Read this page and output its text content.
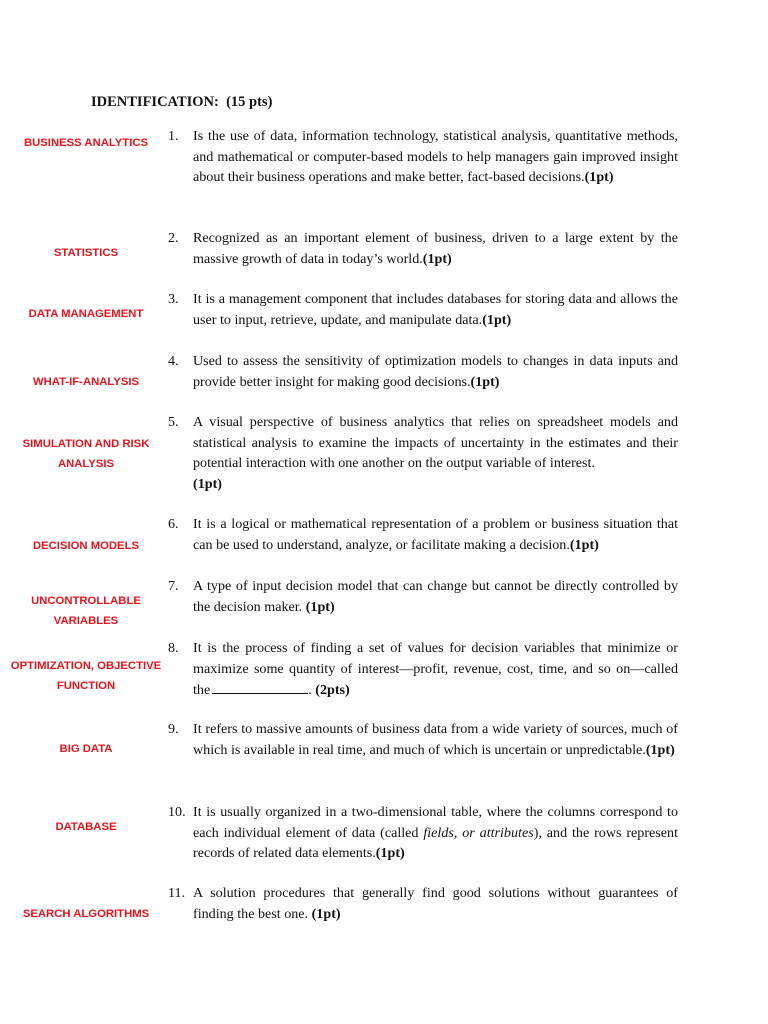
IDENTIFICATION:  (15 pts)
BUSINESS ANALYTICS	1. Is the use of data, information technology, statistical analysis, quantitative methods, and mathematical or computer-based models to help managers gain improved insight about their business operations and make better, fact-based decisions.(1pt)
STATISTICS
2. Recognized as an important element of business, driven to a large extent by the massive growth of data in today’s world.(1pt)
DATA MANAGEMENT
3. It is a management component that includes databases for storing data and allows the user to input, retrieve, update, and manipulate data.(1pt)
WHAT-IF-ANALYSIS
4. Used to assess the sensitivity of optimization models to changes in data inputs and provide better insight for making good decisions.(1pt)
SIMULATION AND RISK ANALYSIS
5. A visual perspective of business analytics that relies on spreadsheet models and statistical analysis to examine the impacts of uncertainty in the estimates and their potential interaction with one another on the output variable of interest.
(1pt)
DECISION MODELS
6. It is a logical or mathematical representation of a problem or business situation that can be used to understand, analyze, or facilitate making a decision.(1pt)
UNCONTROLLABLE VARIABLES
7. A type of input decision model that can change but cannot be directly controlled by the decision maker. (1pt)
OPTIMIZATION, OBJECTIVE FUNCTION
8. It is the process of finding a set of values for decision variables that minimize or maximize some quantity of interest—profit, revenue, cost, time, and so on—called the	. (2pts)
BIG DATA
9. It refers to massive amounts of business data from a wide variety of sources, much of which is available in real time, and much of which is uncertain or unpredictable.(1pt)
DATABASE
10. It is usually organized in a two-dimensional table, where the columns correspond to each individual element of data (called fields, or attributes), and the rows represent records of related data elements.(1pt)
SEARCH ALGORITHMS
11. A solution procedures that generally find good solutions without guarantees of finding the best one. (1pt)
